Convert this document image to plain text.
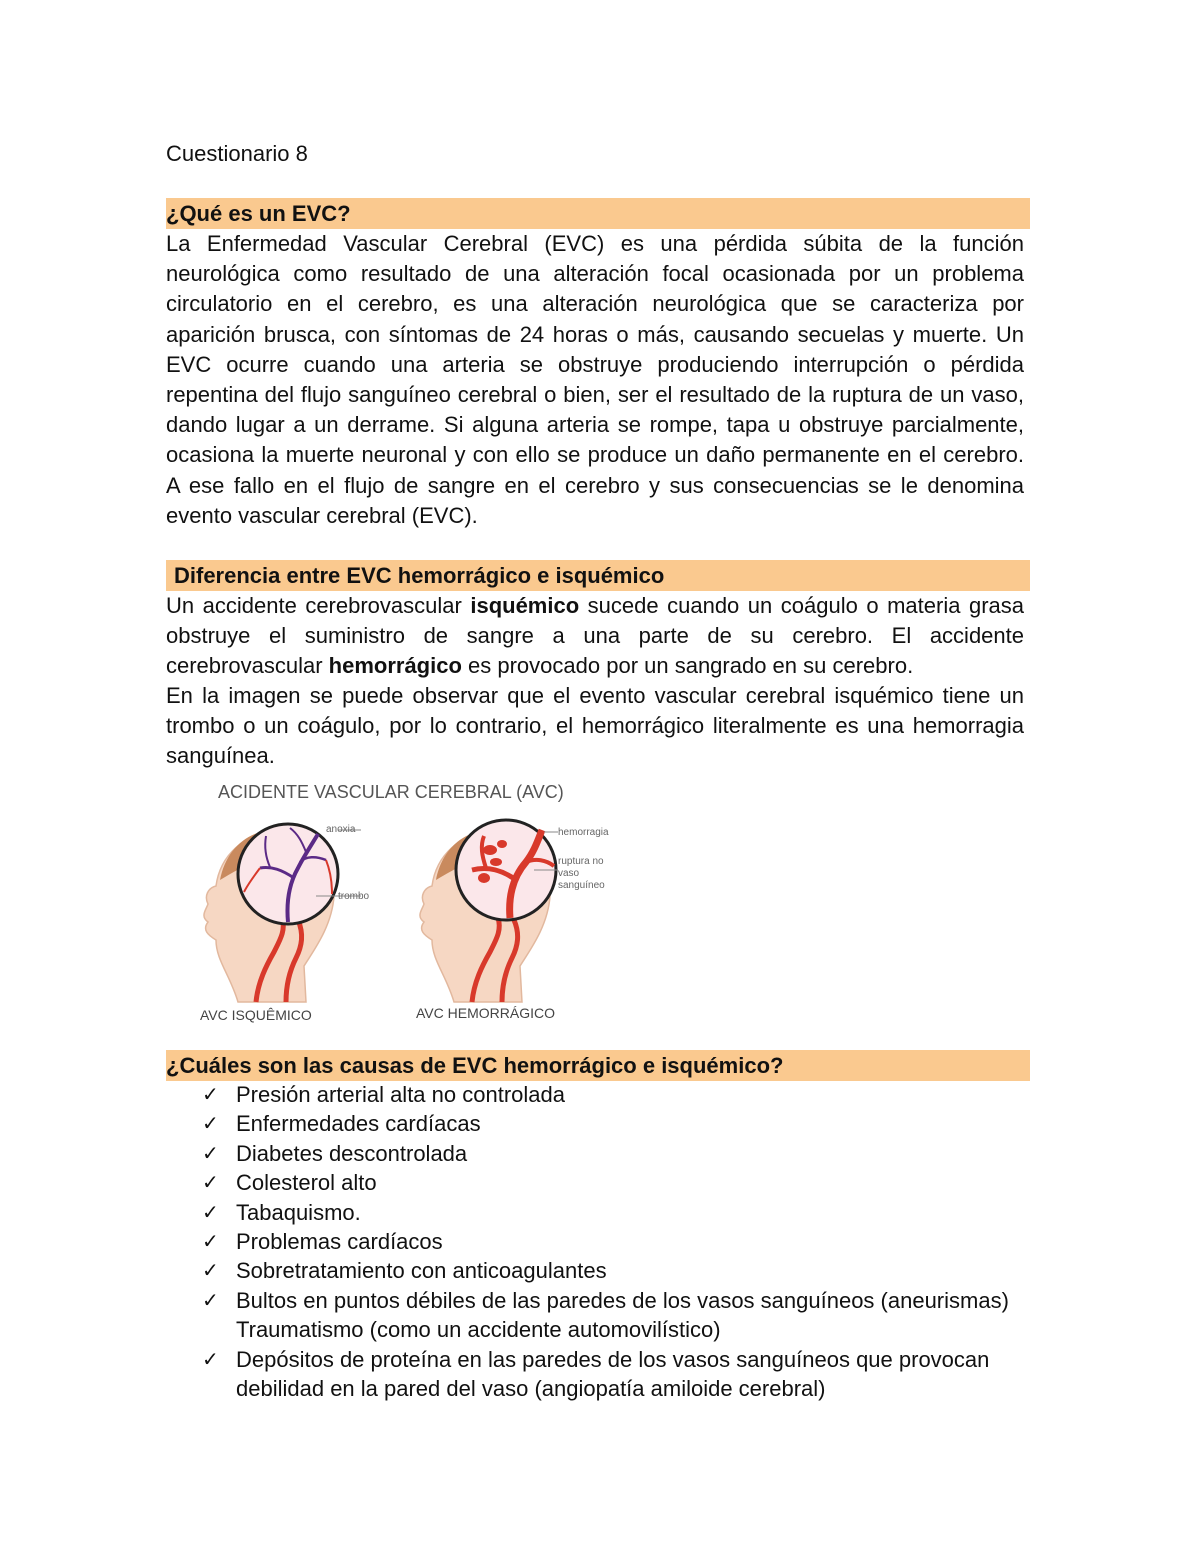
Cuestionario 8
¿Qué es un EVC?

La Enfermedad Vascular Cerebral (EVC) es una pérdida súbita de la función neurológica como resultado de una alteración focal ocasionada por un problema circulatorio en el cerebro, es una alteración neurológica que se caracteriza por aparición brusca, con síntomas de 24 horas o más, causando secuelas y muerte. Un EVC ocurre cuando una arteria se obstruye produciendo interrupción o pérdida repentina del flujo sanguíneo cerebral o bien, ser el resultado de la ruptura de un vaso, dando lugar a un derrame. Si alguna arteria se rompe, tapa u obstruye parcialmente, ocasiona la muerte neuronal y con ello se produce un daño permanente en el cerebro. A ese fallo en el flujo de sangre en el cerebro y sus consecuencias se le denomina evento vascular cerebral (EVC).

Diferencia entre EVC hemorrágico e isquémico

Un accidente cerebrovascular isquémico sucede cuando un coágulo o materia grasa obstruye el suministro de sangre a una parte de su cerebro. El accidente cerebrovascular hemorrágico es provocado por un sangrado en su cerebro.

En la imagen se puede observar que el evento vascular cerebral isquémico tiene un trombo o un coágulo, por lo contrario, el hemorrágico literalmente es una hemorragia sanguínea.

ACIDENTE VASCULAR CEREBRAL (AVC)
anoxia
trombo
hemorragia
ruptura no
vaso
sanguíneo
AVC ISQUÊMICO	AVC HEMORRÁGICO
¿Cuáles son las causas de EVC hemorrágico e isquémico?
✓ Presión arterial alta no controlada
✓ Enfermedades cardíacas
✓ Diabetes descontrolada
✓ Colesterol alto
✓ Tabaquismo.
✓ Problemas cardíacos
✓ Sobretratamiento con anticoagulantes
✓ Bultos en puntos débiles de las paredes de los vasos sanguíneos (aneurismas) Traumatismo (como un accidente automovilístico)
✓ Depósitos de proteína en las paredes de los vasos sanguíneos que provocan debilidad en la pared del vaso (angiopatía amiloide cerebral)
